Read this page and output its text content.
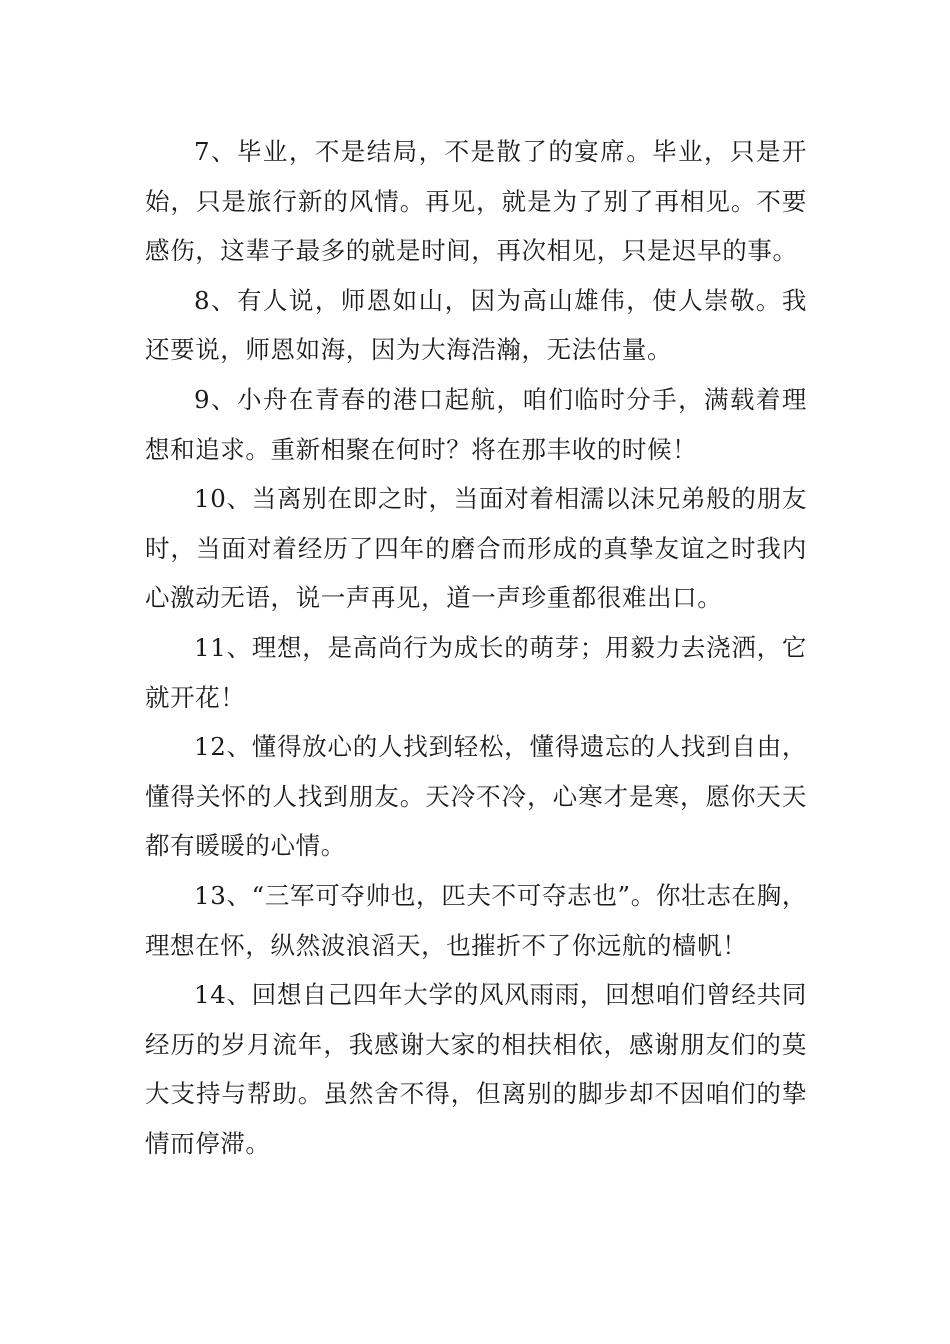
7、毕业，不是结局，不是散了的宴席。毕业，只是开始，只是旅行新的风情。再见，就是为了别了再相见。不要感伤，这辈子最多的就是时间，再次相见，只是迟早的事。

8、有人说，师恩如山，因为高山雄伟，使人崇敬。我还要说，师恩如海，因为大海浩瀚，无法估量。

9、小舟在青春的港口起航，咱们临时分手，满载着理想和追求。重新相聚在何时？将在那丰收的时候！

10、当离别在即之时，当面对着相濡以沫兄弟般的朋友时，当面对着经历了四年的磨合而形成的真挚友谊之时我内心激动无语，说一声再见，道一声珍重都很难出口。

11、理想，是高尚行为成长的萌芽；用毅力去浇洒，它就开花！

12、懂得放心的人找到轻松，懂得遗忘的人找到自由，懂得关怀的人找到朋友。天冷不冷，心寒才是寒，愿你天天都有暖暖的心情。

13、“三军可夺帅也，匹夫不可夺志也”。你壮志在胸，理想在怀，纵然波浪滔天，也摧折不了你远航的樯帆！

14、回想自己四年大学的风风雨雨，回想咱们曾经共同经历的岁月流年，我感谢大家的相扶相依，感谢朋友们的莫大支持与帮助。虽然舍不得，但离别的脚步却不因咱们的挚情而停滞。
